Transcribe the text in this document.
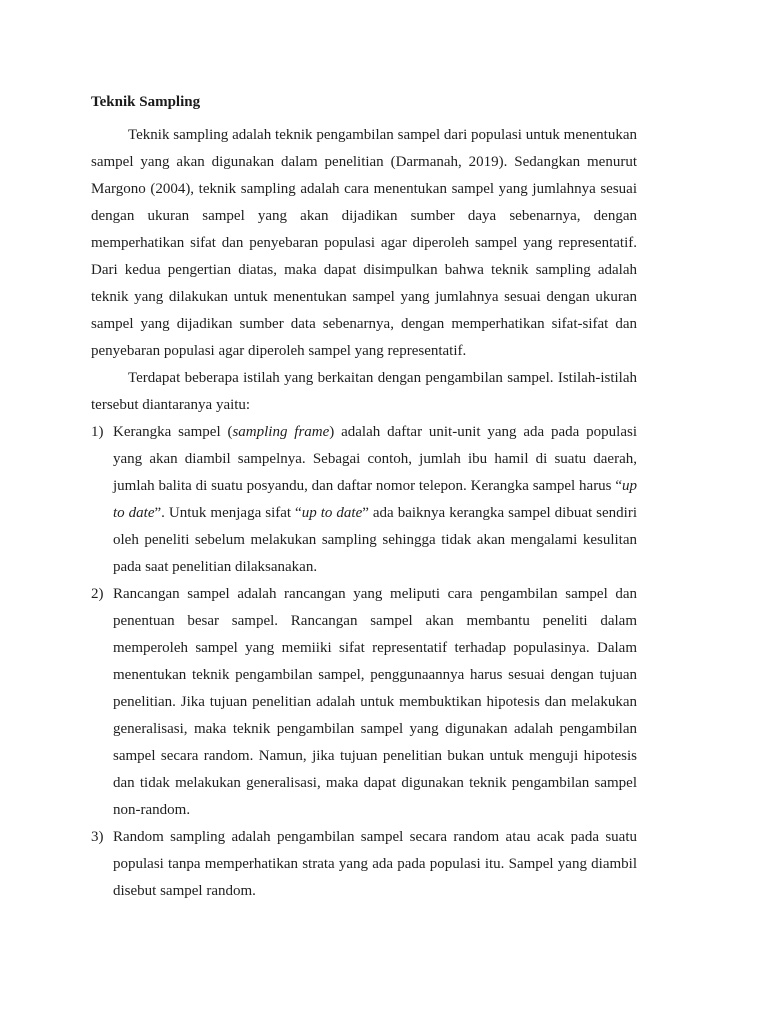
Teknik Sampling

Teknik sampling adalah teknik pengambilan sampel dari populasi untuk menentukan sampel yang akan digunakan dalam penelitian (Darmanah, 2019). Sedangkan menurut Margono (2004), teknik sampling adalah cara menentukan sampel yang jumlahnya sesuai dengan ukuran sampel yang akan dijadikan sumber daya sebenarnya, dengan memperhatikan sifat dan penyebaran populasi agar diperoleh sampel yang representatif. Dari kedua pengertian diatas, maka dapat disimpulkan bahwa teknik sampling adalah teknik yang dilakukan untuk menentukan sampel yang jumlahnya sesuai dengan ukuran sampel yang dijadikan sumber data sebenarnya, dengan memperhatikan sifat-sifat dan penyebaran populasi agar diperoleh sampel yang representatif.

Terdapat beberapa istilah yang berkaitan dengan pengambilan sampel. Istilah-istilah tersebut diantaranya yaitu:

1) Kerangka sampel (sampling frame) adalah daftar unit-unit yang ada pada populasi yang akan diambil sampelnya. Sebagai contoh, jumlah ibu hamil di suatu daerah, jumlah balita di suatu posyandu, dan daftar nomor telepon. Kerangka sampel harus “up to date”. Untuk menjaga sifat “up to date” ada baiknya kerangka sampel dibuat sendiri oleh peneliti sebelum melakukan sampling sehingga tidak akan mengalami kesulitan pada saat penelitian dilaksanakan.
2) Rancangan sampel adalah rancangan yang meliputi cara pengambilan sampel dan penentuan besar sampel. Rancangan sampel akan membantu peneliti dalam memperoleh sampel yang memiiki sifat representatif terhadap populasinya. Dalam menentukan teknik pengambilan sampel, penggunaannya harus sesuai dengan tujuan penelitian. Jika tujuan penelitian adalah untuk membuktikan hipotesis dan melakukan generalisasi, maka teknik pengambilan sampel yang digunakan adalah pengambilan sampel secara random. Namun, jika tujuan penelitian bukan untuk menguji hipotesis dan tidak melakukan generalisasi, maka dapat digunakan teknik pengambilan sampel non-random.
3) Random sampling adalah pengambilan sampel secara random atau acak pada suatu populasi tanpa memperhatikan strata yang ada pada populasi itu. Sampel yang diambil disebut sampel random.
